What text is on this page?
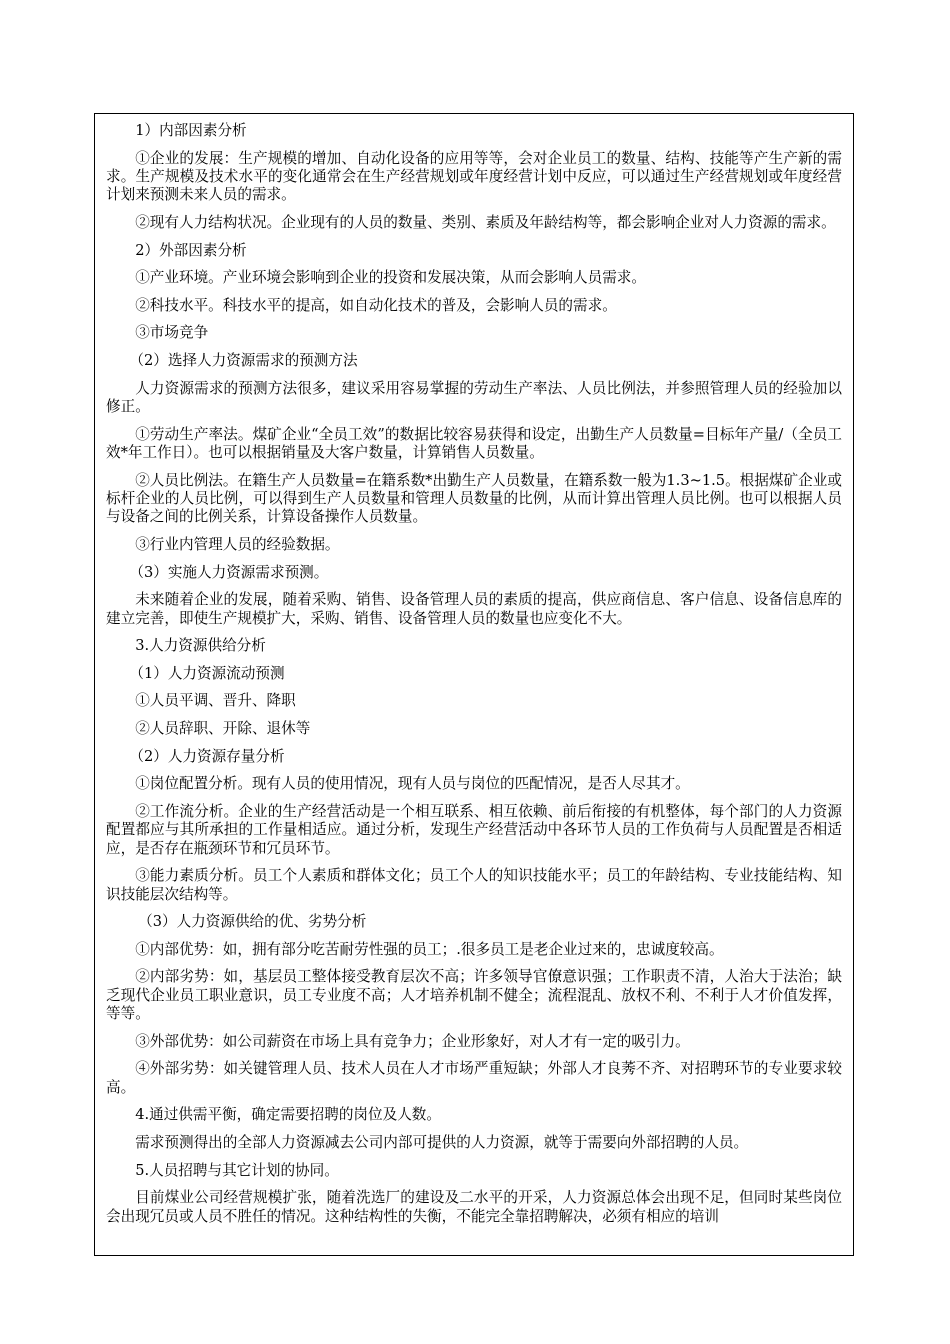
1）内部因素分析

①企业的发展：生产规模的增加、自动化设备的应用等等，会对企业员工的数量、结构、技能等产生产新的需求。生产规模及技术水平的变化通常会在生产经营规划或年度经营计划中反应，可以通过生产经营规划或年度经营计划来预测未来人员的需求。

②现有人力结构状况。企业现有的人员的数量、类别、素质及年龄结构等，都会影响企业对人力资源的需求。

2）外部因素分析

①产业环境。产业环境会影响到企业的投资和发展决策，从而会影响人员需求。

②科技水平。科技水平的提高，如自动化技术的普及，会影响人员的需求。

③市场竞争

（2）选择人力资源需求的预测方法

人力资源需求的预测方法很多，建议采用容易掌握的劳动生产率法、人员比例法，并参照管理人员的经验加以修正。

①劳动生产率法。煤矿企业“全员工效”的数据比较容易获得和设定，出勤生产人员数量=目标年产量/（全员工效*年工作日）。也可以根据销量及大客户数量，计算销售人员数量。

②人员比例法。在籍生产人员数量=在籍系数*出勤生产人员数量，在籍系数一般为1.3~1.5。根据煤矿企业或标杆企业的人员比例，可以得到生产人员数量和管理人员数量的比例，从而计算出管理人员比例。也可以根据人员与设备之间的比例关系，计算设备操作人员数量。

③行业内管理人员的经验数据。

（3）实施人力资源需求预测。

未来随着企业的发展，随着采购、销售、设备管理人员的素质的提高，供应商信息、客户信息、设备信息库的建立完善，即使生产规模扩大，采购、销售、设备管理人员的数量也应变化不大。

3.人力资源供给分析

（1）人力资源流动预测

①人员平调、晋升、降职

②人员辞职、开除、退休等

（2）人力资源存量分析

①岗位配置分析。现有人员的使用情况，现有人员与岗位的匹配情况，是否人尽其才。

②工作流分析。企业的生产经营活动是一个相互联系、相互依赖、前后衔接的有机整体，每个部门的人力资源配置都应与其所承担的工作量相适应。通过分析，发现生产经营活动中各环节人员的工作负荷与人员配置是否相适应，是否存在瓶颈环节和冗员环节。

③能力素质分析。员工个人素质和群体文化；员工个人的知识技能水平；员工的年龄结构、专业技能结构、知识技能层次结构等。

（3）人力资源供给的优、劣势分析

①内部优势：如，拥有部分吃苦耐劳性强的员工；.很多员工是老企业过来的，忠诚度较高。

②内部劣势：如，基层员工整体接受教育层次不高；许多领导官僚意识强；工作职责不清，人治大于法治；缺乏现代企业员工职业意识，员工专业度不高；人才培养机制不健全；流程混乱、放权不利、不利于人才价值发挥，等等。

③外部优势：如公司薪资在市场上具有竞争力；企业形象好，对人才有一定的吸引力。

④外部劣势：如关键管理人员、技术人员在人才市场严重短缺；外部人才良莠不齐、对招聘环节的专业要求较高。

4.通过供需平衡，确定需要招聘的岗位及人数。

需求预测得出的全部人力资源减去公司内部可提供的人力资源，就等于需要向外部招聘的人员。

5.人员招聘与其它计划的协同。

目前煤业公司经营规模扩张，随着洗选厂的建设及二水平的开采，人力资源总体会出现不足，但同时某些岗位会出现冗员或人员不胜任的情况。这种结构性的失衡，不能完全靠招聘解决，必须有相应的培训
